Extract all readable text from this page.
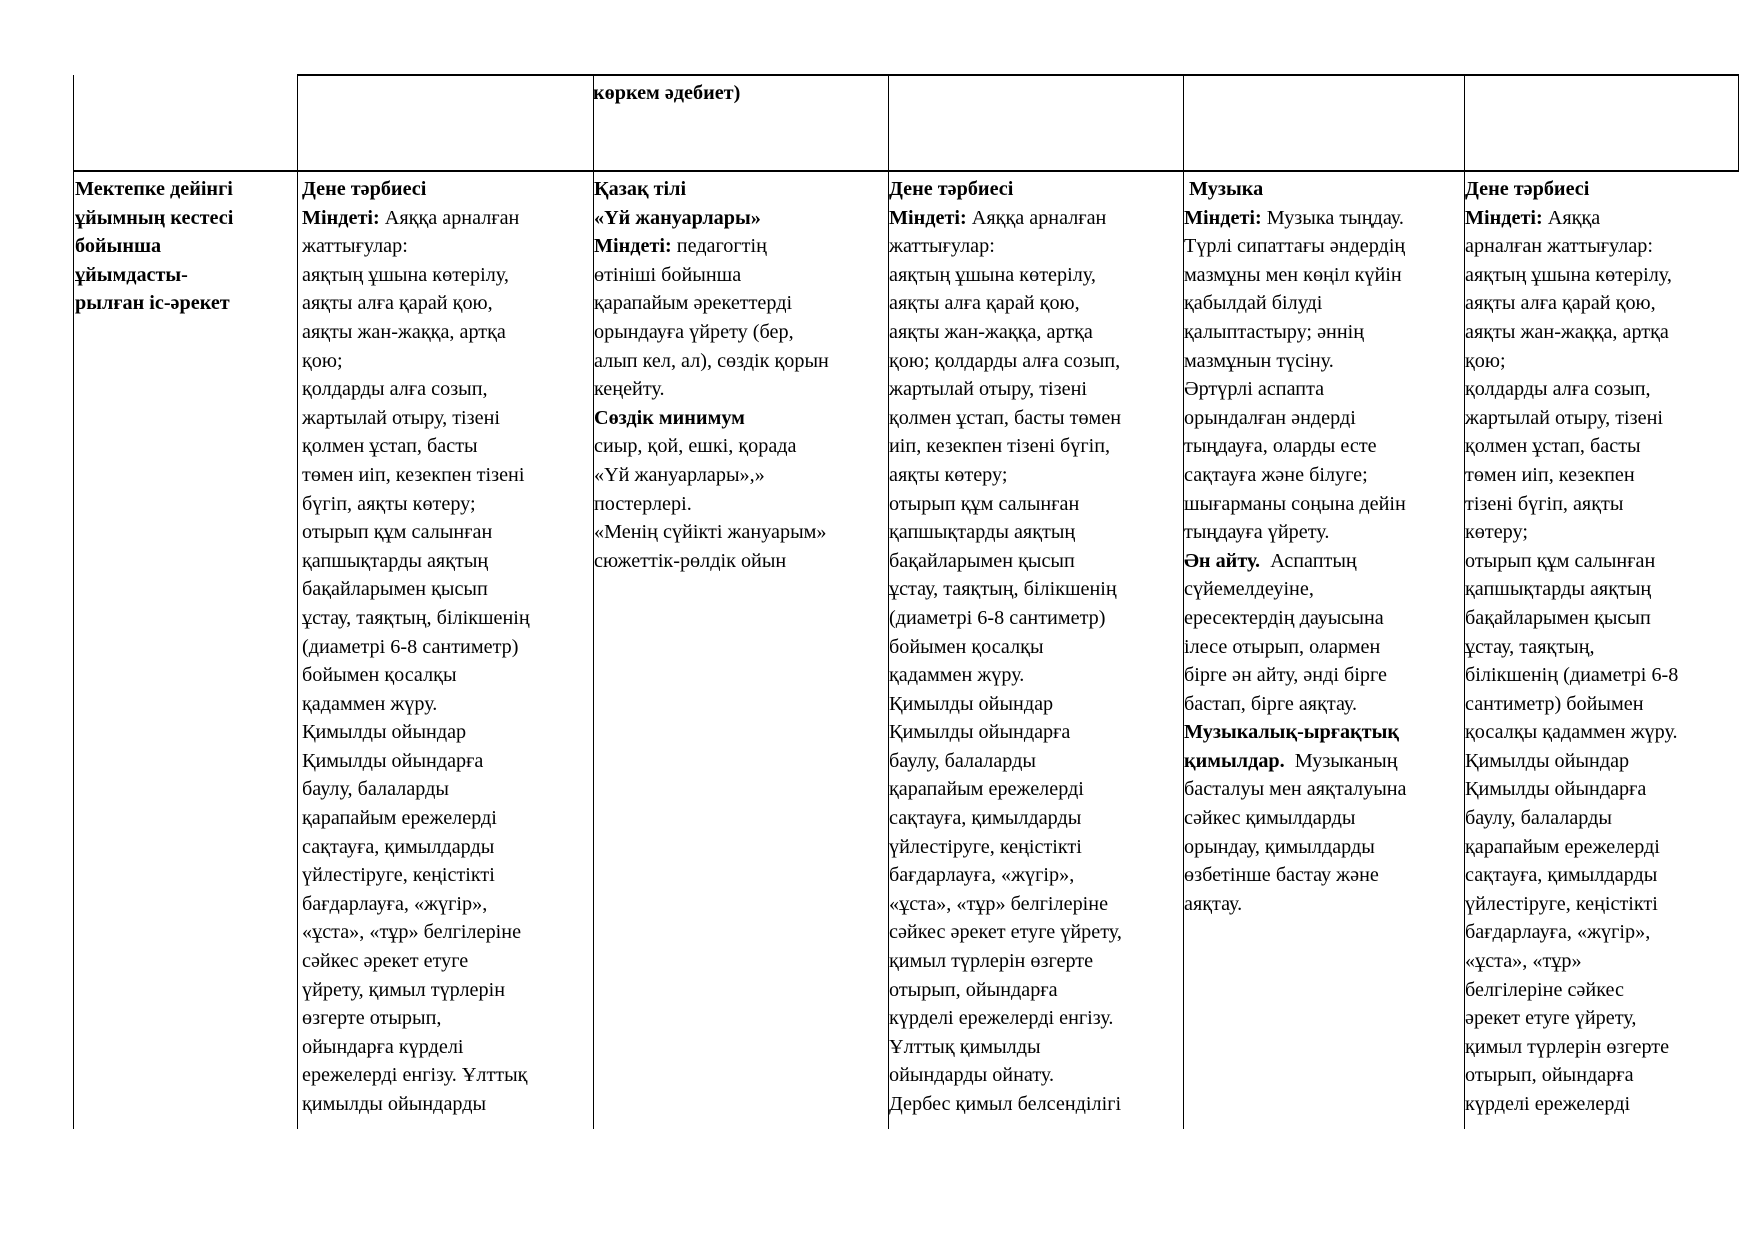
көркем әдебиет)
Мектепке дейінгі
ұйымның кестесі
бойынша
ұйымдасты-
рылған іс-әрекет
Дене тәрбиесі
Міндеті: Аяққа арналған
жаттығулар:
аяқтың ұшына көтерілу,
аяқты алға қарай қою,
аяқты жан-жаққа, артқа
қою;
қолдарды алға созып,
жартылай отыру, тізені
қолмен ұстап, басты
төмен иіп, кезекпен тізені
бүгіп, аяқты көтеру;
отырып құм салынған
қапшықтарды аяқтың
бақайларымен қысып
ұстау, таяқтың, білікшенің
(диаметрі 6-8 сантиметр)
бойымен қосалқы
қадаммен жүру.
Қимылды ойындар
Қимылды ойындарға
баулу, балаларды
қарапайым ережелерді
сақтауға, қимылдарды
үйлестіруге, кеңістікті
бағдарлауға, «жүгір»,
«ұста», «тұр» белгілеріне
сәйкес әрекет етуге
үйрету, қимыл түрлерін
өзгерте отырып,
ойындарға күрделі
ережелерді енгізу. Ұлттық
қимылды ойындарды
Қазақ тілі
«Үй жануарлары»
Міндеті: педагогтің
өтініші бойынша
қарапайым әрекеттерді
орындауға үйрету (бер,
алып кел, ал), сөздік қорын
кеңейту.
Сөздік минимум
сиыр, қой, ешкі, қорада
«Үй жануарлары»,»
постерлері.
«Менің сүйікті жануарым»
сюжеттік-рөлдік ойын
Дене тәрбиесі
Міндеті: Аяққа арналған
жаттығулар:
аяқтың ұшына көтерілу,
аяқты алға қарай қою,
аяқты жан-жаққа, артқа
қою; қолдарды алға созып,
жартылай отыру, тізені
қолмен ұстап, басты төмен
иіп, кезекпен тізені бүгіп,
аяқты көтеру;
отырып құм салынған
қапшықтарды аяқтың
бақайларымен қысып
ұстау, таяқтың, білікшенің
(диаметрі 6-8 сантиметр)
бойымен қосалқы
қадаммен жүру.
Қимылды ойындар
Қимылды ойындарға
баулу, балаларды
қарапайым ережелерді
сақтауға, қимылдарды
үйлестіруге, кеңістікті
бағдарлауға, «жүгір»,
«ұста», «тұр» белгілеріне
сәйкес әрекет етуге үйрету,
қимыл түрлерін өзгерте
отырып, ойындарға
күрделі ережелерді енгізу.
Ұлттық қимылды
ойындарды ойнату.
Дербес қимыл белсенділігі
Музыка
Міндеті: Музыка тыңдау.
Түрлі сипаттағы әндердің
мазмұны мен көңіл күйін
қабылдай білуді
қалыптастыру; әннің
мазмұнын түсіну.
Әртүрлі аспапта
орындалған әндерді
тыңдауға, оларды есте
сақтауға және білуге;
шығарманы соңына дейін
тыңдауға үйрету.
Ән айту.  Аспаптың
сүйемелдеуіне,
ересектердің дауысына
ілесе отырып, олармен
бірге ән айту, әнді бірге
бастап, бірге аяқтау.
Музыкалық-ырғақтық
қимылдар.  Музыканың
басталуы мен аяқталуына
сәйкес қимылдарды
орындау, қимылдарды
өзбетінше бастау және
аяқтау.
Дене тәрбиесі
Міндеті: Аяққа
арналған жаттығулар:
аяқтың ұшына көтерілу,
аяқты алға қарай қою,
аяқты жан-жаққа, артқа
қою;
қолдарды алға созып,
жартылай отыру, тізені
қолмен ұстап, басты
төмен иіп, кезекпен
тізені бүгіп, аяқты
көтеру;
отырып құм салынған
қапшықтарды аяқтың
бақайларымен қысып
ұстау, таяқтың,
білікшенің (диаметрі 6-8
сантиметр) бойымен
қосалқы қадаммен жүру.
Қимылды ойындар
Қимылды ойындарға
баулу, балаларды
қарапайым ережелерді
сақтауға, қимылдарды
үйлестіруге, кеңістікті
бағдарлауға, «жүгір»,
«ұста», «тұр»
белгілеріне сәйкес
әрекет етуге үйрету,
қимыл түрлерін өзгерте
отырып, ойындарға
күрделі ережелерді
